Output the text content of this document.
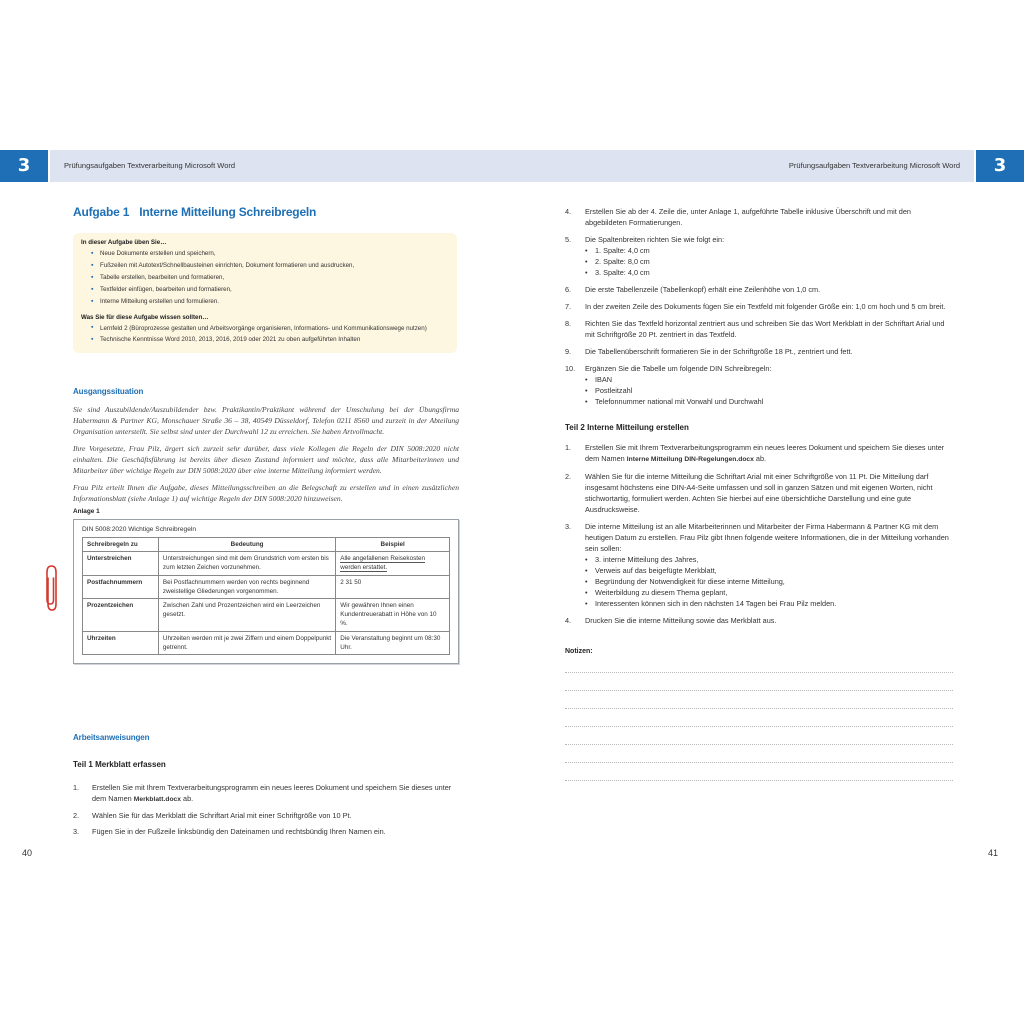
3	Prüfungsaufgaben Textverarbeitung Microsoft Word	Prüfungsaufgaben Textverarbeitung Microsoft Word	3
Aufgabe 1 Interne Mitteilung Schreibregeln
In dieser Aufgabe üben Sie…
▪ Neue Dokumente erstellen und speichern,
▪ Fußzeilen mit Autotext/Schnellbausteinen einrichten, Dokument formatieren und ausdrucken,
▪ Tabelle erstellen, bearbeiten und formatieren,
▪ Textfelder einfügen, bearbeiten und formatieren,
▪ Interne Mitteilung erstellen und formulieren.
Was Sie für diese Aufgabe wissen sollten…
▪ Lernfeld 2 (Büroprozesse gestalten und Arbeitsvorgänge organisieren, Informations- und Kommunikationswege nutzen)
▪ Technische Kenntnisse Word 2010, 2013, 2016, 2019 oder 2021 zu oben aufgeführten Inhalten
Ausgangssituation

Sie sind Auszubildende/Auszubildender bzw. Praktikantin/Praktikant während der Umschulung bei der Übungsfirma Habermann & Partner KG, Monschauer Straße 36 – 38, 40549 Düsseldorf, Telefon 0211 8560 und zurzeit in der Abteilung Organisation unterstellt. Sie selbst sind unter der Durchwahl 12 zu erreichen. Sie haben Artvollmacht.

Ihre Vorgesetzte, Frau Pilz, ärgert sich zurzeit sehr darüber, dass viele Kollegen die Regeln der DIN 5008:2020 nicht einhalten. Die Geschäftsführung ist bereits über diesen Zustand informiert und möchte, dass alle Mitarbeiterinnen und Mitarbeiter über wichtige Regeln zur DIN 5008:2020 über eine interne Mitteilung informiert werden.

Frau Pilz erteilt Ihnen die Aufgabe, dieses Mitteilungsschreiben an die Belegschaft zu erstellen und in einen zusätzlichen Informationsblatt (siehe Anlage 1) auf wichtige Regeln der DIN 5008:2020 hinzuweisen.

Anlage 1
DIN 5008:2020 Wichtige Schreibregeln
Schreibregeln zu	Bedeutung	Beispiel
Unterstreichen	Unterstreichungen sind mit dem Grundstrich vom ersten bis zum letzten Zeichen vorzunehmen.	Alle angefallenen Reisekosten werden erstattet.
Postfachnummern	Bei Postfachnummern werden von rechts beginnend zweistellige Gliederungen vorgenommen.	2 31 50
Prozentzeichen	Zwischen Zahl und Prozentzeichen wird ein Leerzeichen gesetzt.	Wir gewähren Ihnen einen Kundentreuerabatt in Höhe von 10 %.
Uhrzeiten	Uhrzeiten werden mit je zwei Ziffern und einem Doppelpunkt getrennt.	Die Veranstaltung beginnt um 08:30 Uhr.
Arbeitsanweisungen
Teil 1 Merkblatt erfassen
1. Erstellen Sie mit Ihrem Textverarbeitungsprogramm ein neues leeres Dokument und speichern Sie dieses unter dem Namen Merkblatt.docx ab.
2. Wählen Sie für das Merkblatt die Schriftart Arial mit einer Schriftgröße von 10 Pt.
3. Fügen Sie in der Fußzeile linksbündig den Dateinamen und rechtsbündig Ihren Namen ein.
4. Erstellen Sie ab der 4. Zeile die, unter Anlage 1, aufgeführte Tabelle inklusive Überschrift und mit den abgebildeten Formatierungen.
5. Die Spaltenbreiten richten Sie wie folgt ein:
• 1. Spalte: 4,0 cm
• 2. Spalte: 8,0 cm
• 3. Spalte: 4,0 cm
6. Die erste Tabellenzeile (Tabellenkopf) erhält eine Zeilenhöhe von 1,0 cm.
7. In der zweiten Zeile des Dokuments fügen Sie ein Textfeld mit folgender Größe ein: 1,0 cm hoch und 5 cm breit.
8. Richten Sie das Textfeld horizontal zentriert aus und schreiben Sie das Wort Merkblatt in der Schriftart Arial und mit Schriftgröße 20 Pt. zentriert in das Textfeld.
9. Die Tabellenüberschrift formatieren Sie in der Schriftgröße 18 Pt., zentriert und fett.
10. Ergänzen Sie die Tabelle um folgende DIN Schreibregeln:
• IBAN
• Postleitzahl
• Telefonnummer national mit Vorwahl und Durchwahl
Teil 2 Interne Mitteilung erstellen
1. Erstellen Sie mit Ihrem Textverarbeitungsprogramm ein neues leeres Dokument und speichern Sie dieses unter dem Namen Interne Mitteilung DIN-Regelungen.docx ab.
2. Wählen Sie für die interne Mitteilung die Schriftart Arial mit einer Schriftgröße von 11 Pt. Die Mitteilung darf insgesamt höchstens eine DIN-A4-Seite umfassen und soll in ganzen Sätzen und mit eigenen Worten, nicht stichwortartig, formuliert werden. Achten Sie hierbei auf eine übersichtliche Darstellung und eine gute Ausdrucksweise.
3. Die interne Mitteilung ist an alle Mitarbeiterinnen und Mitarbeiter der Firma Habermann & Partner KG mit dem heutigen Datum zu erstellen. Frau Pilz gibt Ihnen folgende weitere Informationen, die in der Mitteilung vorhanden sein sollen:
• 3. interne Mitteilung des Jahres,
• Verweis auf das beigefügte Merkblatt,
• Begründung der Notwendigkeit für diese interne Mitteilung,
• Weiterbildung zu diesem Thema geplant,
• Interessenten können sich in den nächsten 14 Tagen bei Frau Pilz melden.
4. Drucken Sie die interne Mitteilung sowie das Merkblatt aus.
Notizen:
40	41
